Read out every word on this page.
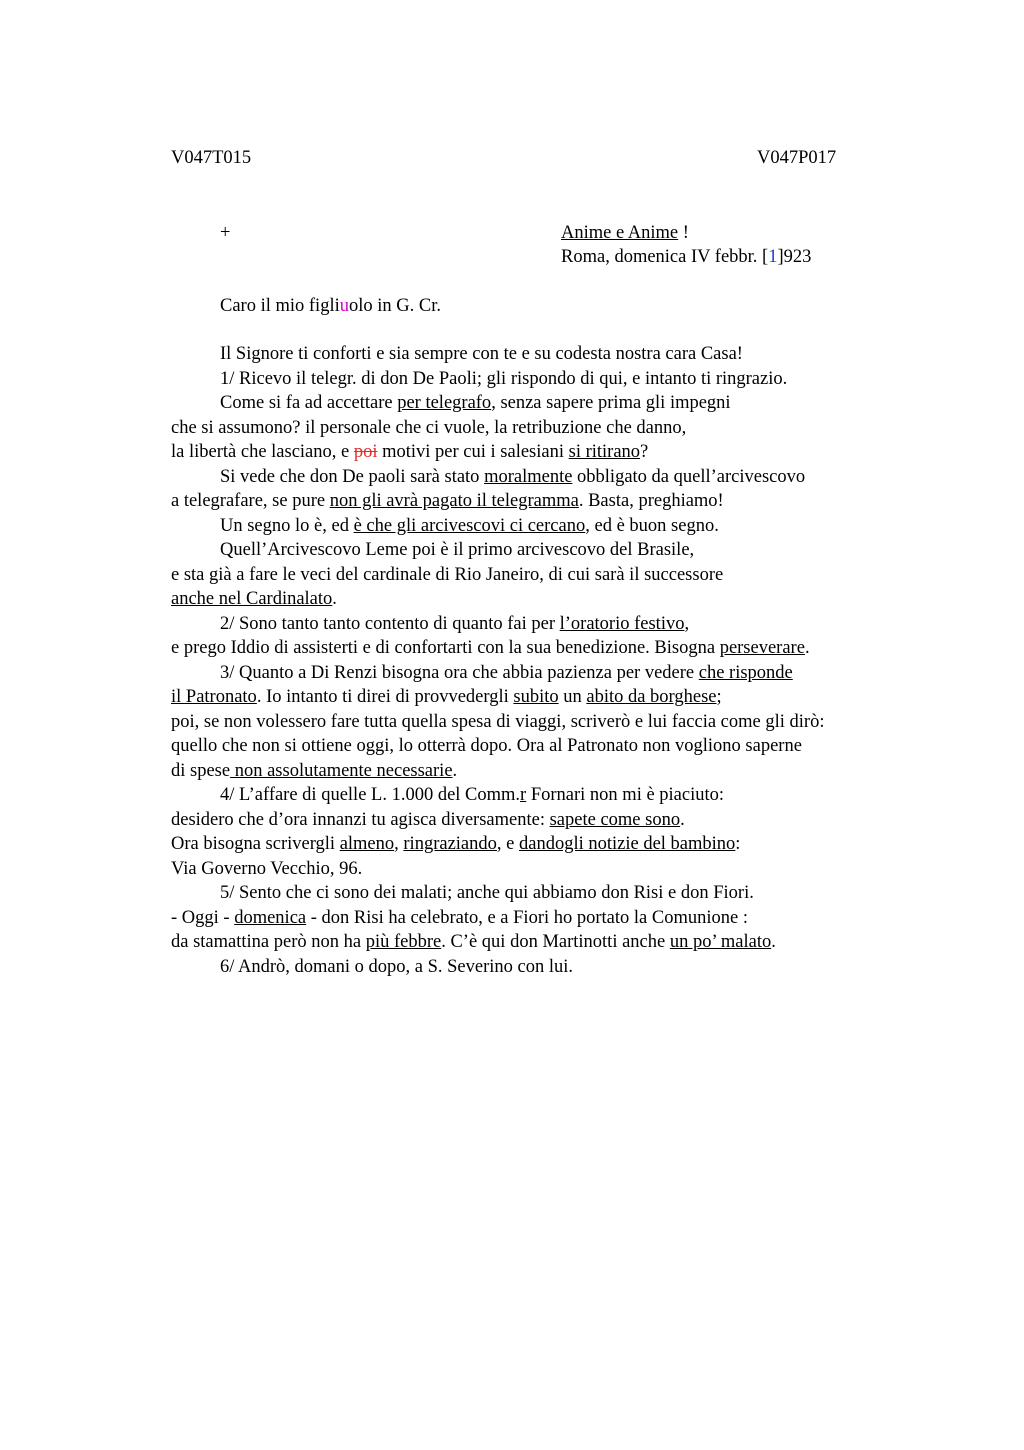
V047T015	V047P017
+	Anime e Anime !
Roma, domenica IV febbr. [1]923
Caro il mio figliuolo in G. Cr.
Il Signore ti conforti e sia sempre con te e su codesta nostra cara Casa!
1/ Ricevo il telegr. di don De Paoli; gli rispondo di qui, e intanto ti ringrazio.
Come si fa ad accettare per telegrafo, senza sapere prima gli impegni
che si assumono? il personale che ci vuole, la retribuzione che danno,
la libertà che lasciano, e poi motivi per cui i salesiani si ritirano?
Si vede che don De paoli sarà stato moralmente obbligato da quell’arcivescovo
a telegrafare, se pure non gli avrà pagato il telegramma. Basta, preghiamo!
Un segno lo è, ed è che gli arcivescovi ci cercano, ed è buon segno.
Quell’Arcivescovo Leme poi è il primo arcivescovo del Brasile,
e sta già a fare le veci del cardinale di Rio Janeiro, di cui sarà il successore
anche nel Cardinalato.
2/ Sono tanto tanto contento di quanto fai per l’oratorio festivo,
e prego Iddio di assisterti e di confortarti con la sua benedizione. Bisogna perseverare.
3/ Quanto a Di Renzi bisogna ora che abbia pazienza per vedere che risponde
il Patronato. Io intanto ti direi di provvedergli subito un abito da borghese;
poi, se non volessero fare tutta quella spesa di viaggi, scriverò e lui faccia come gli dirò:
quello che non si ottiene oggi, lo otterrà dopo. Ora al Patronato non vogliono saperne
di spese non assolutamente necessarie.
4/ L’affare di quelle L. 1.000 del Comm.r Fornari non mi è piaciuto:
desidero che d’ora innanzi tu agisca diversamente: sapete come sono.
Ora bisogna scrivergli almeno, ringraziando, e dandogli notizie del bambino:
Via Governo Vecchio, 96.
5/ Sento che ci sono dei malati; anche qui abbiamo don Risi e don Fiori.
- Oggi - domenica - don Risi ha celebrato, e a Fiori ho portato la Comunione :
da stamattina però non ha più febbre. C’è qui don Martinotti anche un po’ malato.
6/ Andrò, domani o dopo, a S. Severino con lui.
